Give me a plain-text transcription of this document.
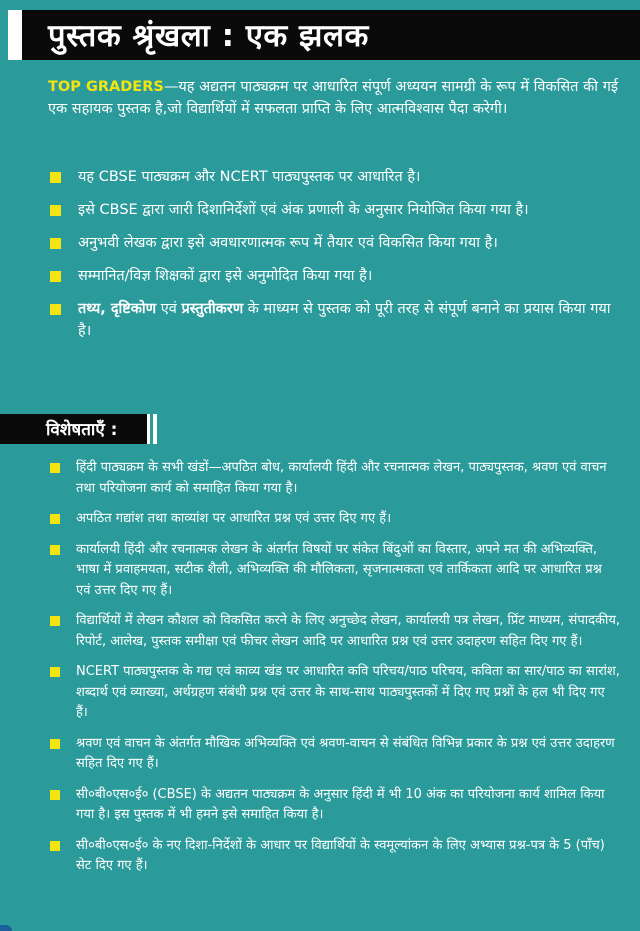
पुस्तक श्रृंखला : एक झलक
TOP GRADERS—यह अद्यतन पाठ्यक्रम पर आधारित संपूर्ण अध्ययन सामग्री के रूप में विकसित की गई एक सहायक पुस्तक है,जो विद्यार्थियों में सफलता प्राप्ति के लिए आत्मविश्वास पैदा करेगी।
यह CBSE पाठ्यक्रम और NCERT पाठ्यपुस्तक पर आधारित है।
इसे CBSE द्वारा जारी दिशानिर्देशों एवं अंक प्रणाली के अनुसार नियोजित किया गया है।
अनुभवी लेखक द्वारा इसे अवधारणात्मक रूप में तैयार एवं विकसित किया गया है।
सम्मानित/विज्ञ शिक्षकों द्वारा इसे अनुमोदित किया गया है।
तथ्य, दृष्टिकोण एवं प्रस्तुतीकरण के माध्यम से पुस्तक को पूरी तरह से संपूर्ण बनाने का प्रयास किया गया है।
विशेषताएँ :
हिंदी पाठ्यक्रम के सभी खंडों—अपठित बोध, कार्यालयी हिंदी और रचनात्मक लेखन, पाठ्यपुस्तक, श्रवण एवं वाचन तथा परियोजना कार्य को समाहित किया गया है।
अपठित गद्यांश तथा काव्यांश पर आधारित प्रश्न एवं उत्तर दिए गए हैं।
कार्यालयी हिंदी और रचनात्मक लेखन के अंतर्गत विषयों पर संकेत बिंदुओं का विस्तार, अपने मत की अभिव्यक्ति, भाषा में प्रवाहमयता, सटीक शैली, अभिव्यक्ति की मौलिकता, सृजनात्मकता एवं तार्किकता आदि पर आधारित प्रश्न एवं उत्तर दिए गए हैं।
विद्यार्थियों में लेखन कौशल को विकसित करने के लिए अनुच्छेद लेखन, कार्यालयी पत्र लेखन, प्रिंट माध्यम, संपादकीय, रिपोर्ट, आलेख, पुस्तक समीक्षा एवं फीचर लेखन आदि पर आधारित प्रश्न एवं उत्तर उदाहरण सहित दिए गए हैं।
NCERT पाठ्यपुस्तक के गद्य एवं काव्य खंड पर आधारित कवि परिचय/पाठ परिचय, कविता का सार/पाठ का सारांश, शब्दार्थ एवं व्याख्या, अर्थग्रहण संबंधी प्रश्न एवं उत्तर के साथ-साथ पाठ्यपुस्तकों में दिए गए प्रश्नों के हल भी दिए गए हैं।
श्रवण एवं वाचन के अंतर्गत मौखिक अभिव्यक्ति एवं श्रवण-वाचन से संबंधित विभिन्न प्रकार के प्रश्न एवं उत्तर उदाहरण सहित दिए गए हैं।
सी०बी०एस०ई० (CBSE) के अद्यतन पाठ्यक्रम के अनुसार हिंदी में भी 10 अंक का परियोजना कार्य शामिल किया गया है। इस पुस्तक में भी हमने इसे समाहित किया है।
सी०बी०एस०ई० के नए दिशा-निर्देशों के आधार पर विद्यार्थियों के स्वमूल्यांकन के लिए अभ्यास प्रश्न-पत्र के 5 (पाँच) सेट दिए गए हैं।
